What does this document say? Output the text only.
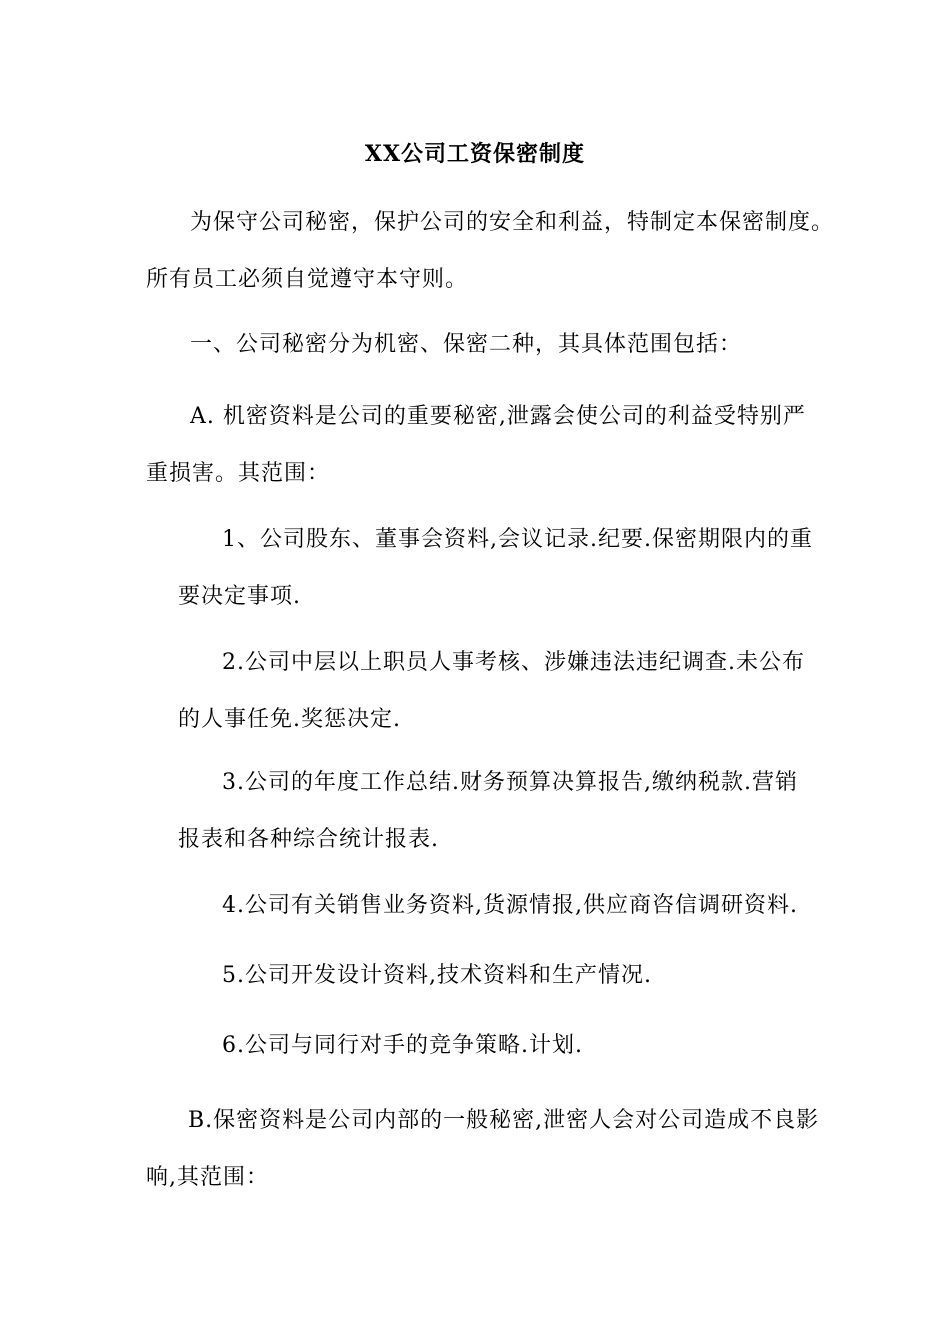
XX公司工资保密制度
为保守公司秘密，保护公司的安全和利益，特制定本保密制度。
所有员工必须自觉遵守本守则。
一、公司秘密分为机密、保密二种，其具体范围包括：
A. 机密资料是公司的重要秘密,泄露会使公司的利益受特别严
重损害。其范围：
1、公司股东、董事会资料,会议记录.纪要.保密期限内的重
要决定事项.
2.公司中层以上职员人事考核、涉嫌违法违纪调查.未公布
的人事任免.奖惩决定.
3.公司的年度工作总结.财务预算决算报告,缴纳税款.营销
报表和各种综合统计报表.
4.公司有关销售业务资料,货源情报,供应商咨信调研资料.
5.公司开发设计资料,技术资料和生产情况.
6.公司与同行对手的竞争策略.计划.
B.保密资料是公司内部的一般秘密,泄密人会对公司造成不良影
响,其范围：
